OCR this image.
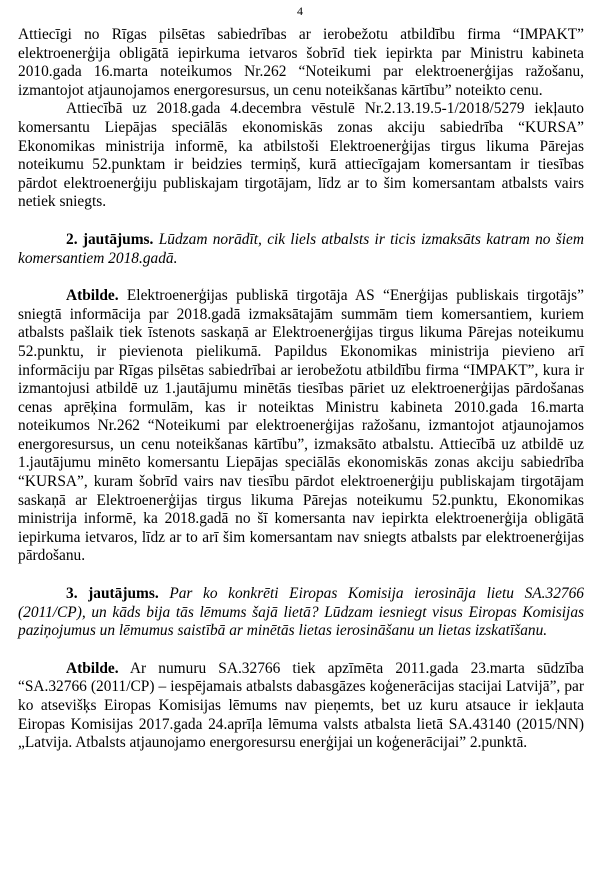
4

Attiecīgi no Rīgas pilsētas sabiedrības ar ierobežotu atbildību firma “IMPAKT” elektroenerģija obligātā iepirkuma ietvaros šobrīd tiek iepirkta par Ministru kabineta 2010.gada 16.marta noteikumos Nr.262 “Noteikumi par elektroenerģijas ražošanu, izmantojot atjaunojamos energoresursus, un cenu noteikšanas kārtību” noteikto cenu.

Attiecībā uz 2018.gada 4.decembra vēstulē Nr.2.13.19.5-1/2018/5279 iekļauto komersantu Liepājas speciālās ekonomiskās zonas akciju sabiedrība “KURSA” Ekonomikas ministrija informē, ka atbilstoši Elektroenerģijas tirgus likuma Pārejas noteikumu 52.punktam ir beidzies termiņš, kurā attiecīgajam komersantam ir tiesības pārdot elektroenerģiju publiskajam tirgotājam, līdz ar to šim komersantam atbalsts vairs netiek sniegts.

2. jautājums. Lūdzam norādīt, cik liels atbalsts ir ticis izmaksāts katram no šiem komersantiem 2018.gadā.

Atbilde. Elektroenerģijas publiskā tirgotāja AS “Enerģijas publiskais tirgotājs” sniegtā informācija par 2018.gadā izmaksātajām summām tiem komersantiem, kuriem atbalsts pašlaik tiek īstenots saskaņā ar Elektroenerģijas tirgus likuma Pārejas noteikumu 52.punktu, ir pievienota pielikumā. Papildus Ekonomikas ministrija pievieno arī informāciju par Rīgas pilsētas sabiedrībai ar ierobežotu atbildību firma “IMPAKT”, kura ir izmantojusi atbildē uz 1.jautājumu minētās tiesības pāriet uz elektroenerģijas pārdošanas cenas aprēķina formulām, kas ir noteiktas Ministru kabineta 2010.gada 16.marta noteikumos Nr.262 “Noteikumi par elektroenerģijas ražošanu, izmantojot atjaunojamos energoresursus, un cenu noteikšanas kārtību”, izmaksāto atbalstu. Attiecībā uz atbildē uz 1.jautājumu minēto komersantu Liepājas speciālās ekonomiskās zonas akciju sabiedrība “KURSA”, kuram šobrīd vairs nav tiesību pārdot elektroenerģiju publiskajam tirgotājam saskaņā ar Elektroenerģijas tirgus likuma Pārejas noteikumu 52.punktu, Ekonomikas ministrija informē, ka 2018.gadā no šī komersanta nav iepirkta elektroenerģija obligātā iepirkuma ietvaros, līdz ar to arī šim komersantam nav sniegts atbalsts par elektroenerģijas pārdošanu.

3. jautājums. Par ko konkrēti Eiropas Komisija ierosināja lietu SA.32766 (2011/CP), un kāds bija tās lēmums šajā lietā? Lūdzam iesniegt visus Eiropas Komisijas paziņojumus un lēmumus saistībā ar minētās lietas ierosināšanu un lietas izskatīšanu.

Atbilde. Ar numuru SA.32766 tiek apzīmēta 2011.gada 23.marta sūdzība “SA.32766 (2011/CP) – iespējamais atbalsts dabasgāzes koģenerācijas stacijai Latvijā”, par ko atsevišķs Eiropas Komisijas lēmums nav pieņemts, bet uz kuru atsauce ir iekļauta Eiropas Komisijas 2017.gada 24.aprīļa lēmuma valsts atbalsta lietā SA.43140 (2015/NN) „Latvija. Atbalsts atjaunojamo energoresursu enerģijai un koģenerācijai” 2.punktā.
